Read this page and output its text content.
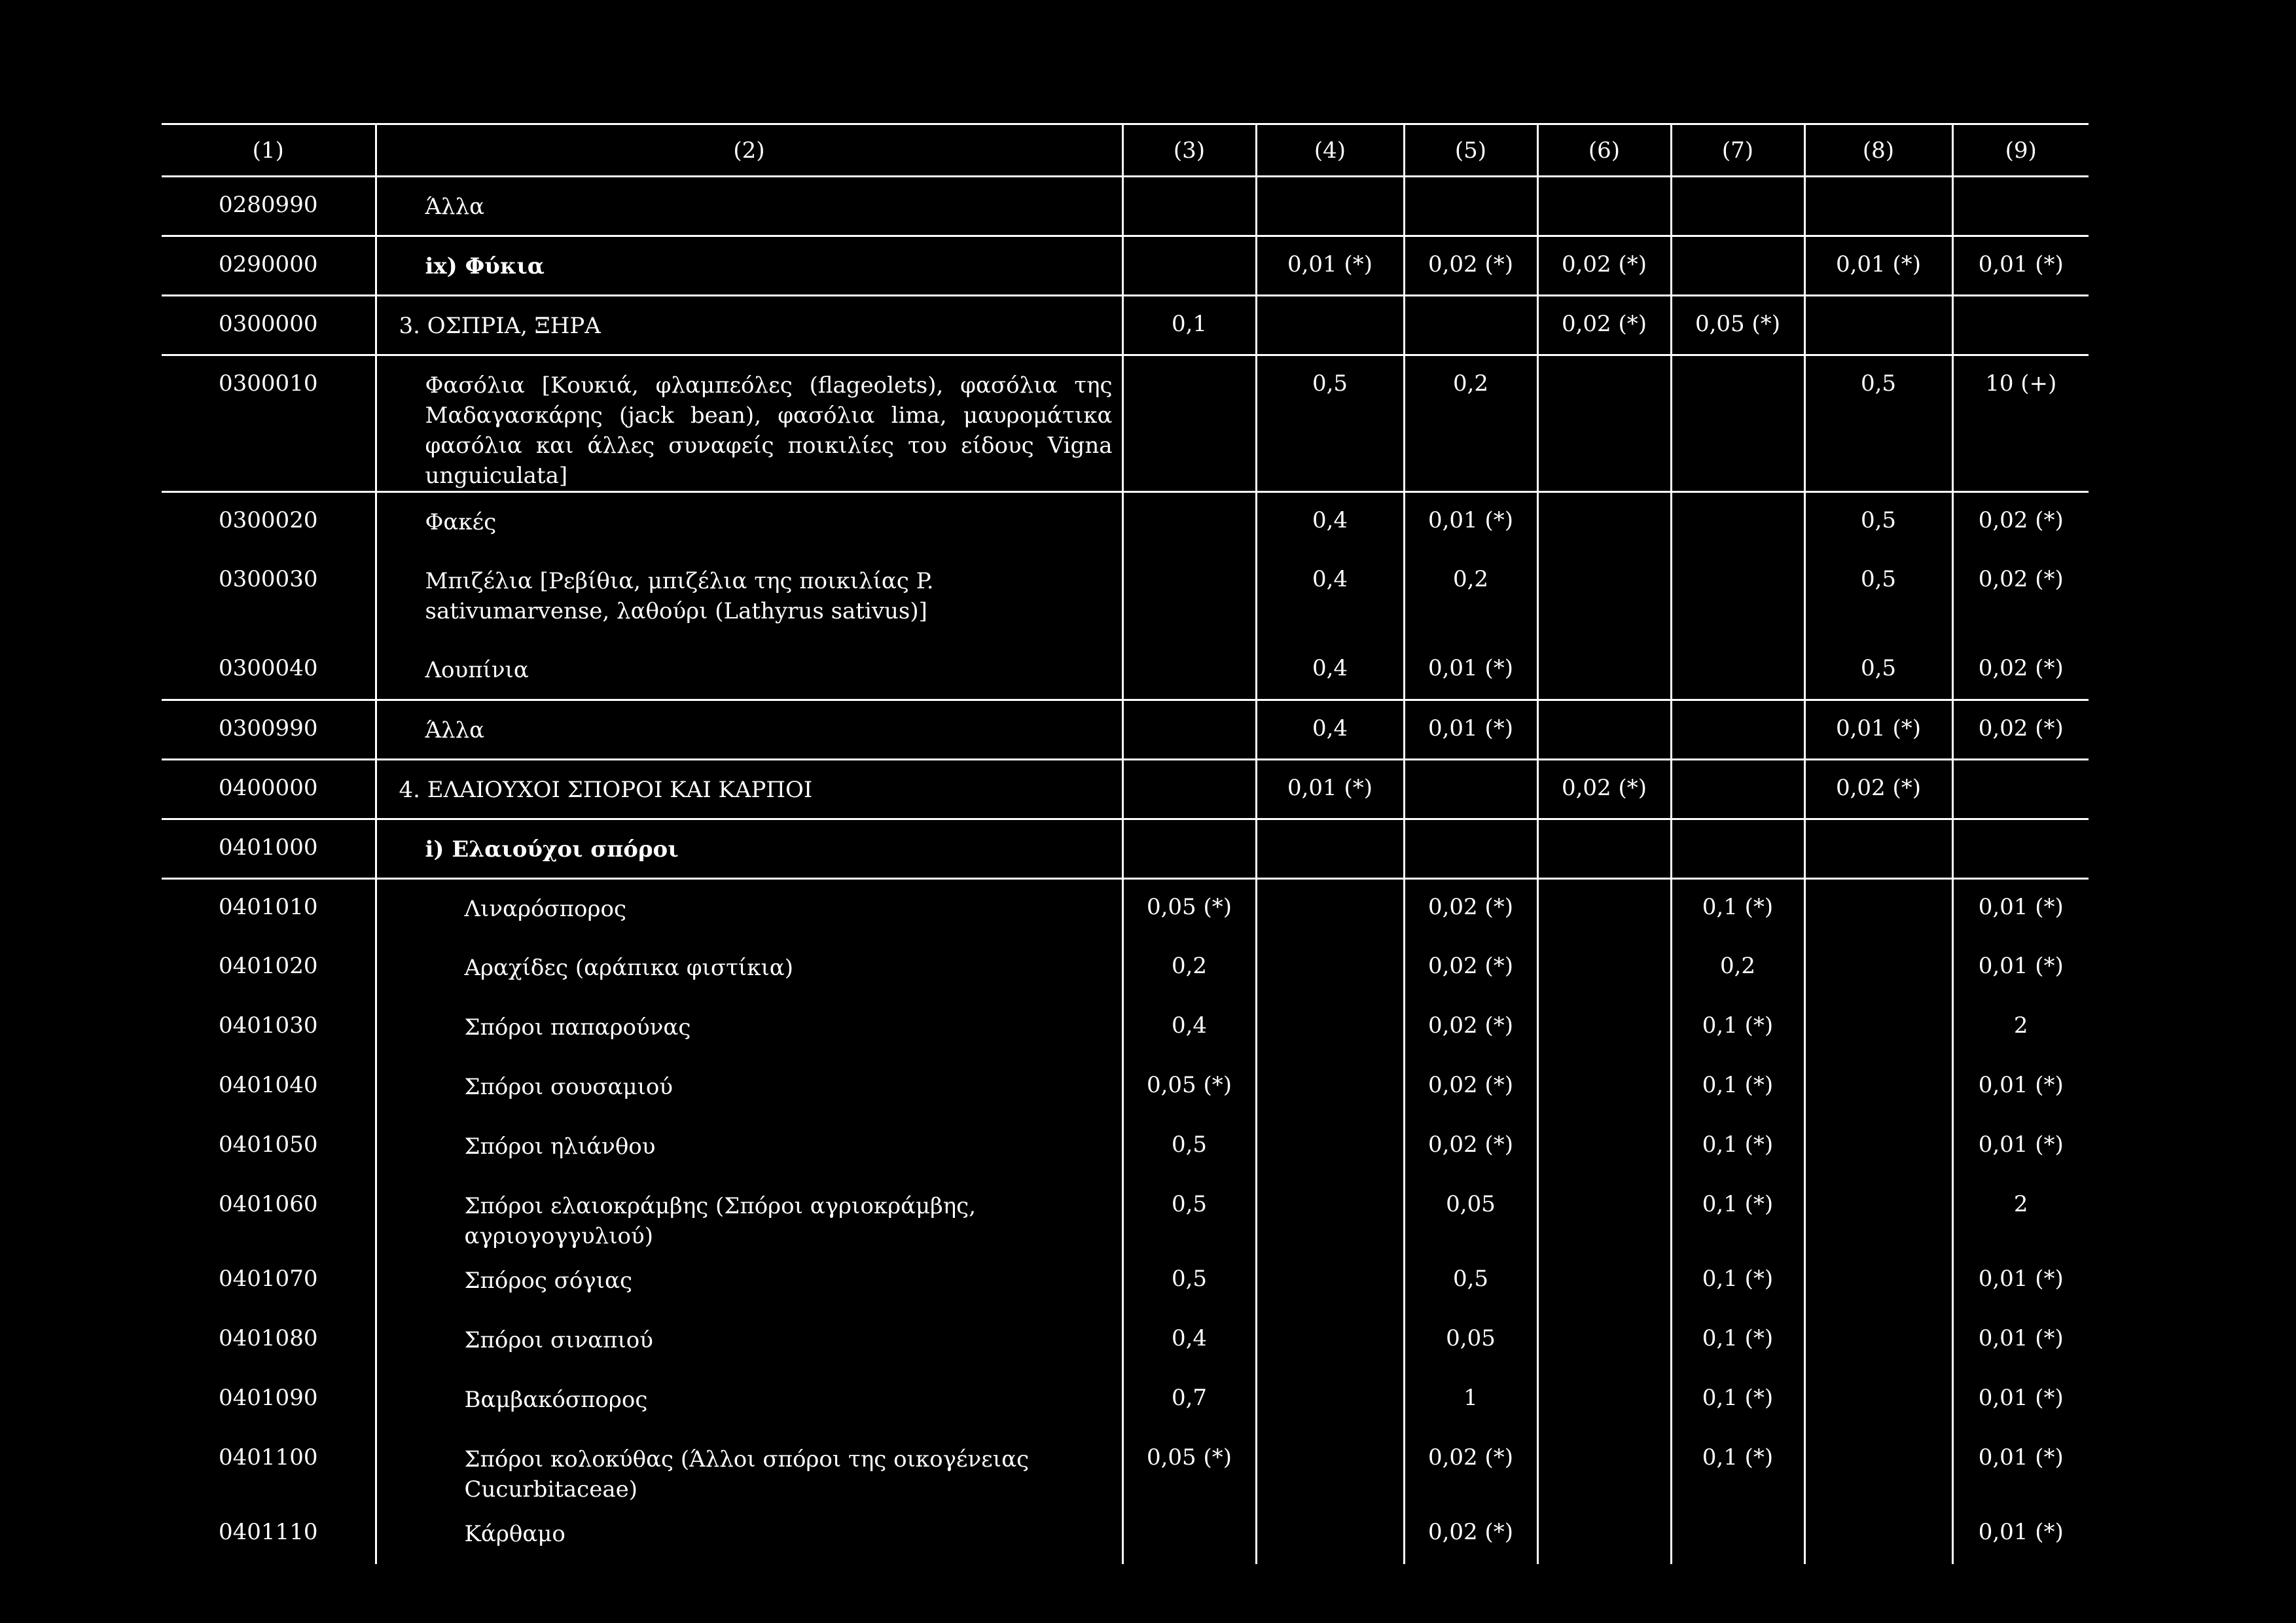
(1)	(2)	(3)	(4)	(5)	(6)	(7)	(8)	(9)
0280990	Άλλα							

0290000	ix) Φύκια		0,01 (*)	0,02 (*)	0,02 (*)		0,01 (*)	0,01 (*)
0300000	3. ΟΣΠΡΙΑ, ΞΗΡΑ	0,1			0,02 (*)	0,05 (*)		
0300010	Φασόλια [Κουκιά, φλαμπεόλες (flageolets), φασόλια της Μαδαγασκάρης (jack bean), φασόλια lima, μαυρομάτικα φασόλια και άλλες συναφείς ποικιλίες του είδους Vigna unguiculata]		0,5	0,2			0,5	10 (+)
0300020	Φακές		0,4	0,01 (*)			0,5	0,02 (*)
0300030	Μπιζέλια [Ρεβίθια, μπιζέλια της ποικιλίας P. sativumarvense, λαθούρι (Lathyrus sativus)]		0,4	0,2			0,5	0,02 (*)
0300040	Λουπίνια		0,4	0,01 (*)			0,5	0,02 (*)
0300990	Άλλα		0,4	0,01 (*)			0,01 (*)	0,02 (*)
0400000	4. ΕΛΑΙΟΥΧΟΙ ΣΠΟΡΟΙ ΚΑΙ ΚΑΡΠΟΙ		0,01 (*)		0,02 (*)		0,02 (*)	
0401000	i) Ελαιούχοι σπόροι							

0401010	Λιναρόσπορος	0,05 (*)		0,02 (*)		0,1 (*)		0,01 (*)
0401020	Αραχίδες (αράπικα φιστίκια)	0,2		0,02 (*)		0,2		0,01 (*)
0401030	Σπόροι παπαρούνας	0,4		0,02 (*)		0,1 (*)		2
0401040	Σπόροι σουσαμιού	0,05 (*)		0,02 (*)		0,1 (*)		0,01 (*)
0401050	Σπόροι ηλιάνθου	0,5		0,02 (*)		0,1 (*)		0,01 (*)
0401060	Σπόροι ελαιοκράμβης (Σπόροι αγριοκράμβης, αγριογογγυλιού)	0,5		0,05		0,1 (*)		2
0401070	Σπόρος σόγιας	0,5		0,5		0,1 (*)		0,01 (*)
0401080	Σπόροι σιναπιού	0,4		0,05		0,1 (*)		0,01 (*)
0401090	Βαμβακόσπορος	0,7		1		0,1 (*)		0,01 (*)
0401100	Σπόροι κολοκύθας (Άλλοι σπόροι της οικογένειας Cucurbitaceae)	0,05 (*)		0,02 (*)		0,1 (*)		0,01 (*)
0401110	Κάρθαμο			0,02 (*)				0,01 (*)
